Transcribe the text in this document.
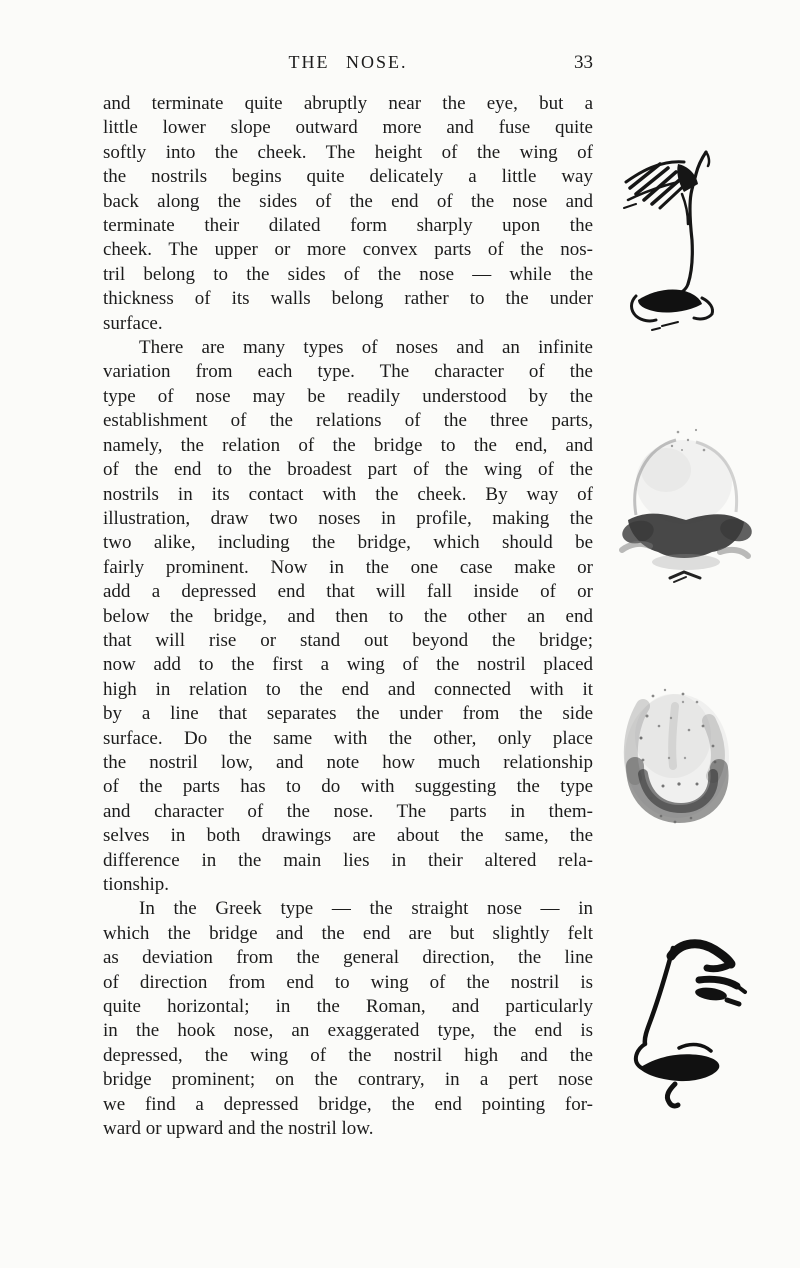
THE NOSE.	33
and terminate quite abruptly near the eye, but a
little lower slope outward more and fuse quite
softly into the cheek. The height of the wing of
the nostrils begins quite delicately a little way
back along the sides of the end of the nose and
terminate their dilated form sharply upon the
cheek. The upper or more convex parts of the nos-
tril belong to the sides of the nose — while the
thickness of its walls belong rather to the under
surface.
There are many types of noses and an infinite
variation from each type. The character of the
type of nose may be readily understood by the
establishment of the relations of the three parts,
namely, the relation of the bridge to the end, and
of the end to the broadest part of the wing of the
nostrils in its contact with the cheek. By way of
illustration, draw two noses in profile, making the
two alike, including the bridge, which should be
fairly prominent. Now in the one case make or
add a depressed end that will fall inside of or
below the bridge, and then to the other an end
that will rise or stand out beyond the bridge;
now add to the first a wing of the nostril placed
high in relation to the end and connected with it
by a line that separates the under from the side
surface. Do the same with the other, only place
the nostril low, and note how much relationship
of the parts has to do with suggesting the type
and character of the nose. The parts in them-
selves in both drawings are about the same, the
difference in the main lies in their altered rela-
tionship.
In the Greek type — the straight nose — in
which the bridge and the end are but slightly felt
as deviation from the general direction, the line
of direction from end to wing of the nostril is
quite horizontal; in the Roman, and particularly
in the hook nose, an exaggerated type, the end is
depressed, the wing of the nostril high and the
bridge prominent; on the contrary, in a pert nose
we find a depressed bridge, the end pointing for-
ward or upward and the nostril low.
